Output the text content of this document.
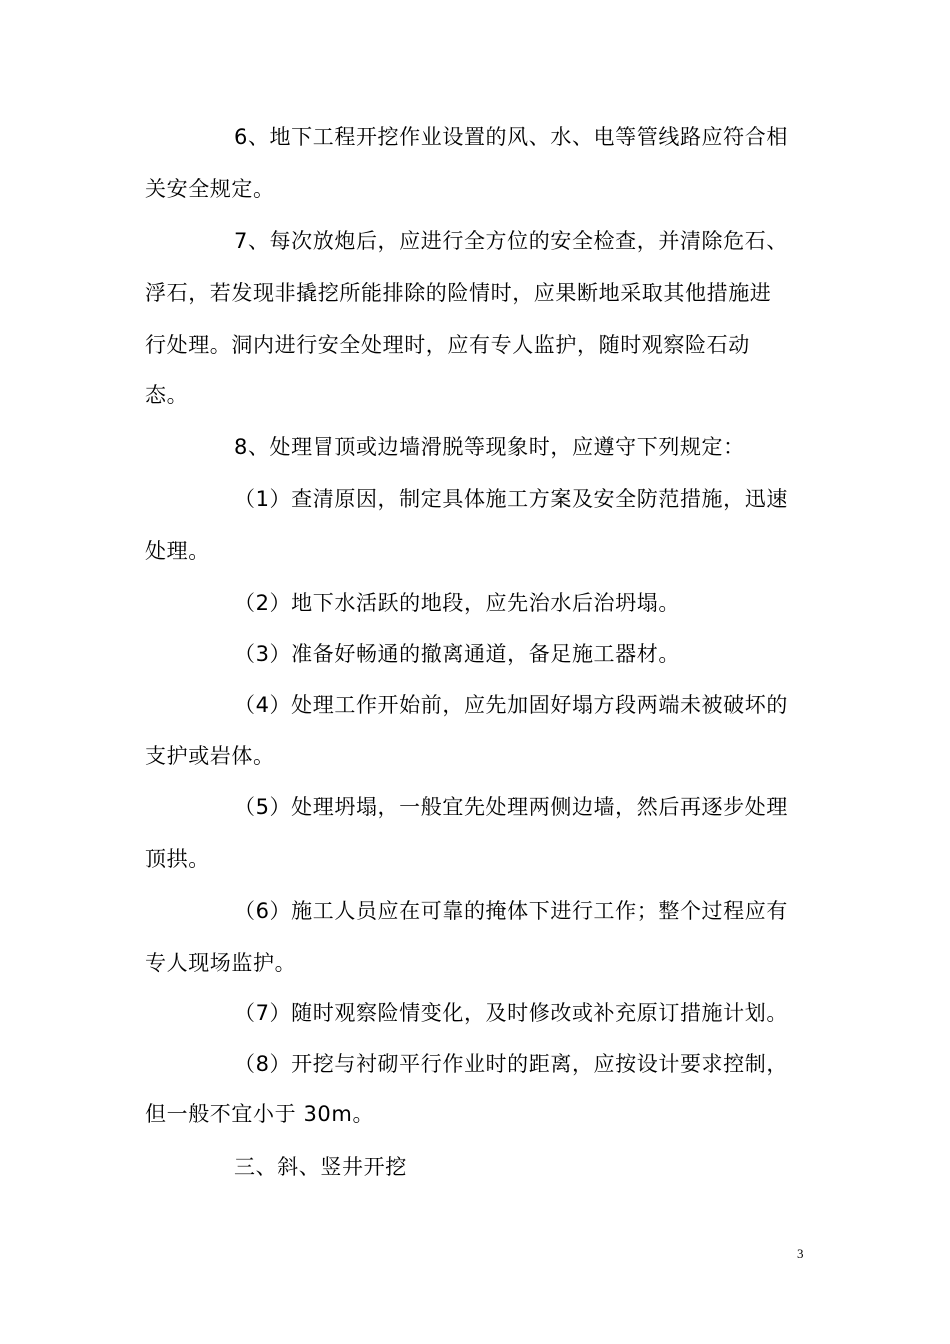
6、地下工程开挖作业设置的风、水、电等管线路应符合相
关安全规定。
7、每次放炮后，应进行全方位的安全检查，并清除危石、
浮石，若发现非撬挖所能排除的险情时，应果断地采取其他措施进
行处理。洞内进行安全处理时，应有专人监护，随时观察险石动
态。
8、处理冒顶或边墙滑脱等现象时，应遵守下列规定：
（1）查清原因，制定具体施工方案及安全防范措施，迅速
处理。
（2）地下水活跃的地段，应先治水后治坍塌。
（3）准备好畅通的撤离通道，备足施工器材。
（4）处理工作开始前，应先加固好塌方段两端未被破坏的
支护或岩体。
（5）处理坍塌，一般宜先处理两侧边墙，然后再逐步处理
顶拱。
（6）施工人员应在可靠的掩体下进行工作；整个过程应有
专人现场监护。
（7）随时观察险情变化，及时修改或补充原订措施计划。
（8）开挖与衬砌平行作业时的距离，应按设计要求控制，
但一般不宜小于 30m。
三、斜、竖井开挖
3
